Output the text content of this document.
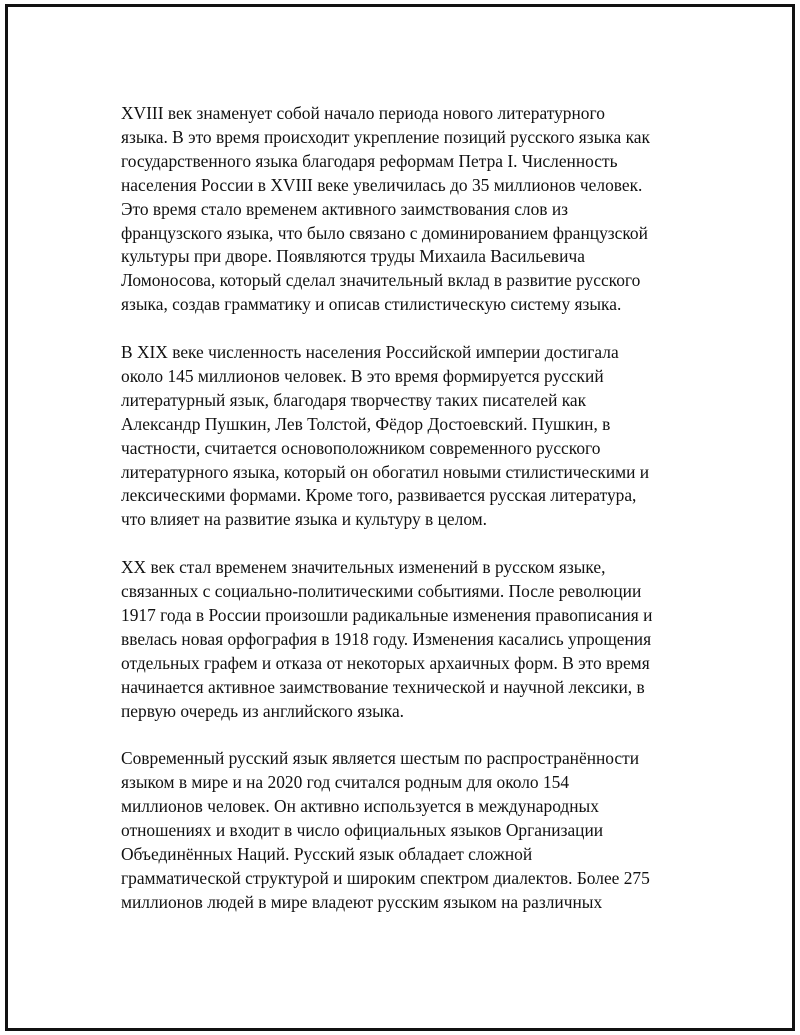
XVIII век знаменует собой начало периода нового литературного
языка. В это время происходит укрепление позиций русского языка как
государственного языка благодаря реформам Петра I. Численность
населения России в XVIII веке увеличилась до 35 миллионов человек.
Это время стало временем активного заимствования слов из
французского языка, что было связано с доминированием французской
культуры при дворе. Появляются труды Михаила Васильевича
Ломоносова, который сделал значительный вклад в развитие русского
языка, создав грамматику и описав стилистическую систему языка.

В XIX веке численность населения Российской империи достигала
около 145 миллионов человек. В это время формируется русский
литературный язык, благодаря творчеству таких писателей как
Александр Пушкин, Лев Толстой, Фёдор Достоевский. Пушкин, в
частности, считается основоположником современного русского
литературного языка, который он обогатил новыми стилистическими и
лексическими формами. Кроме того, развивается русская литература,
что влияет на развитие языка и культуру в целом.

XX век стал временем значительных изменений в русском языке,
связанных с социально-политическими событиями. После революции
1917 года в России произошли радикальные изменения правописания и
ввелась новая орфография в 1918 году. Изменения касались упрощения
отдельных графем и отказа от некоторых архаичных форм. В это время
начинается активное заимствование технической и научной лексики, в
первую очередь из английского языка.

Современный русский язык является шестым по распространённости
языком в мире и на 2020 год считался родным для около 154
миллионов человек. Он активно используется в международных
отношениях и входит в число официальных языков Организации
Объединённых Наций. Русский язык обладает сложной
грамматической структурой и широким спектром диалектов. Более 275
миллионов людей в мире владеют русским языком на различных
